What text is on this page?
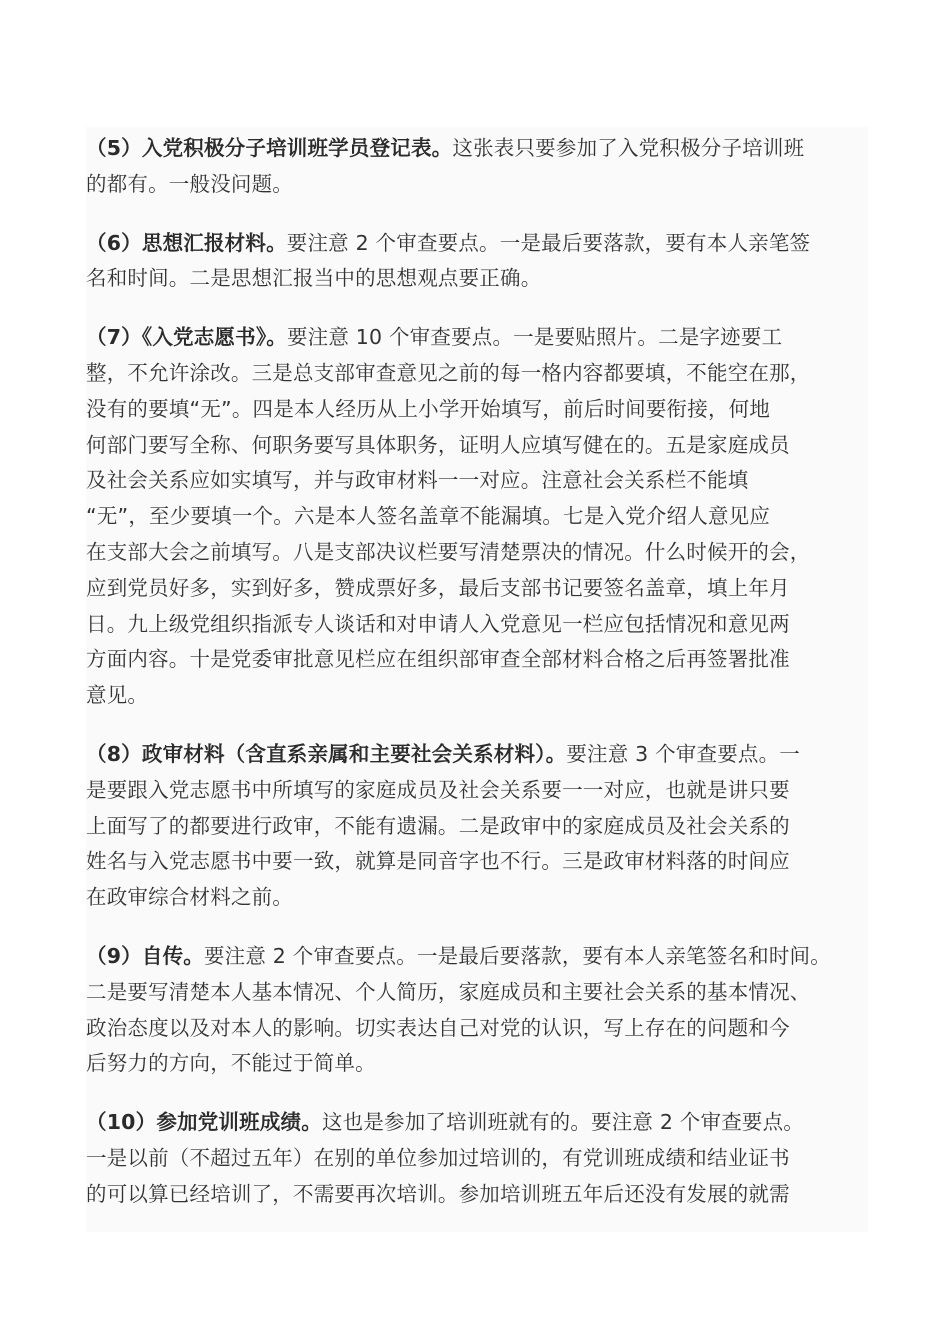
（5）入党积极分子培训班学员登记表。这张表只要参加了入党积极分子培训班
的都有。一般没问题。

（6）思想汇报材料。要注意 2 个审查要点。一是最后要落款，要有本人亲笔签
名和时间。二是思想汇报当中的思想观点要正确。

（7）《入党志愿书》。要注意 10 个审查要点。一是要贴照片。二是字迹要工
整，不允许涂改。三是总支部审查意见之前的每一格内容都要填，不能空在那，
没有的要填“无”。四是本人经历从上小学开始填写，前后时间要衔接，何地
何部门要写全称、何职务要写具体职务，证明人应填写健在的。五是家庭成员
及社会关系应如实填写，并与政审材料一一对应。注意社会关系栏不能填
“无”，至少要填一个。六是本人签名盖章不能漏填。七是入党介绍人意见应
在支部大会之前填写。八是支部决议栏要写清楚票决的情况。什么时候开的会，
应到党员好多，实到好多，赞成票好多，最后支部书记要签名盖章，填上年月
日。九上级党组织指派专人谈话和对申请人入党意见一栏应包括情况和意见两
方面内容。十是党委审批意见栏应在组织部审查全部材料合格之后再签署批准
意见。

（8）政审材料（含直系亲属和主要社会关系材料）。要注意 3 个审查要点。一
是要跟入党志愿书中所填写的家庭成员及社会关系要一一对应，也就是讲只要
上面写了的都要进行政审，不能有遗漏。二是政审中的家庭成员及社会关系的
姓名与入党志愿书中要一致，就算是同音字也不行。三是政审材料落的时间应
在政审综合材料之前。

（9）自传。要注意 2 个审查要点。一是最后要落款，要有本人亲笔签名和时间。
二是要写清楚本人基本情况、个人简历，家庭成员和主要社会关系的基本情况、
政治态度以及对本人的影响。切实表达自己对党的认识，写上存在的问题和今
后努力的方向，不能过于简单。

（10）参加党训班成绩。这也是参加了培训班就有的。要注意 2 个审查要点。
一是以前（不超过五年）在别的单位参加过培训的，有党训班成绩和结业证书
的可以算已经培训了，不需要再次培训。参加培训班五年后还没有发展的就需
